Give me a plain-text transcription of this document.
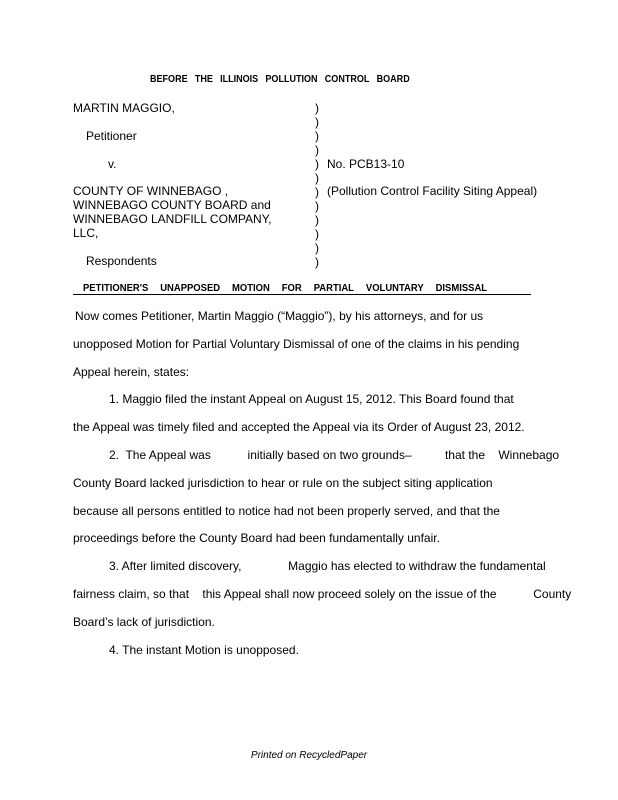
BEFORE THE ILLINOIS POLLUTION CONTROL BOARD
MARTIN MAGGIO,
Petitioner
v.
COUNTY OF WINNEBAGO ,
WINNEBAGO COUNTY BOARD and
WINNEBAGO LANDFILL COMPANY,
LLC,
Respondents
)
)
)
)
)
)
)
)
)
)
)
)
No. PCB13-10
(Pollution Control Facility Siting Appeal)
PETITIONER'S UNAPPOSED MOTION FOR PARTIAL VOLUNTARY DISMISSAL
Now comes Petitioner, Martin Maggio (“Maggio”), by his attorneys, and for us
unopposed Motion for Partial Voluntary Dismissal of one of the claims in his pending
Appeal herein, states:
1. Maggio filed the instant Appeal on August 15, 2012. This Board found that
the Appeal was timely filed and accepted the Appeal via its Order of August 23, 2012.
2.  The Appeal was           initially based on two grounds–          that the    Winnebago
County Board lacked jurisdiction to hear or rule on the subject siting application
because all persons entitled to notice had not been properly served, and that the
proceedings before the County Board had been fundamentally unfair.
3. After limited discovery,              Maggio has elected to withdraw the fundamental
fairness claim, so that    this Appeal shall now proceed solely on the issue of the           County
Board’s lack of jurisdiction.
4. The instant Motion is unopposed.
Printed on RecycledPaper
